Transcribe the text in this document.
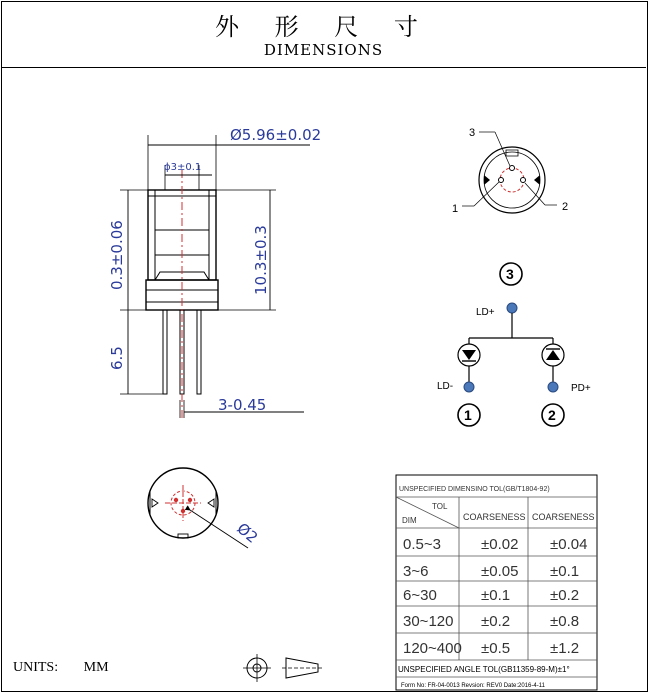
外 形 尺 寸
DIMENSIONS
Ø5.96±0.02
ϕ3±0.1
0.3±0.06	10.3±0.3
6.5
3-0.45
Ø2
3
1	2
3
1	2
LD+
LD-	PD+
UNSPECIFIED DIMENSINO TOL(GB/T1804-92)
TOL
DIM	COARSENESS COARSENESS
0.5~3	±0.02 ±0.04
3~6	±0.05 ±0.1
6~30	±0.1	±0.2
30~120 ±0.2	±0.8
120~400 ±0.5	±1.2
UNSPECIFIED ANGLE TOL(GB11359-89-M)±1°
Form No: FR-04-0013 Revsion: REV0 Date:2016-4-11
UNITS: MM
